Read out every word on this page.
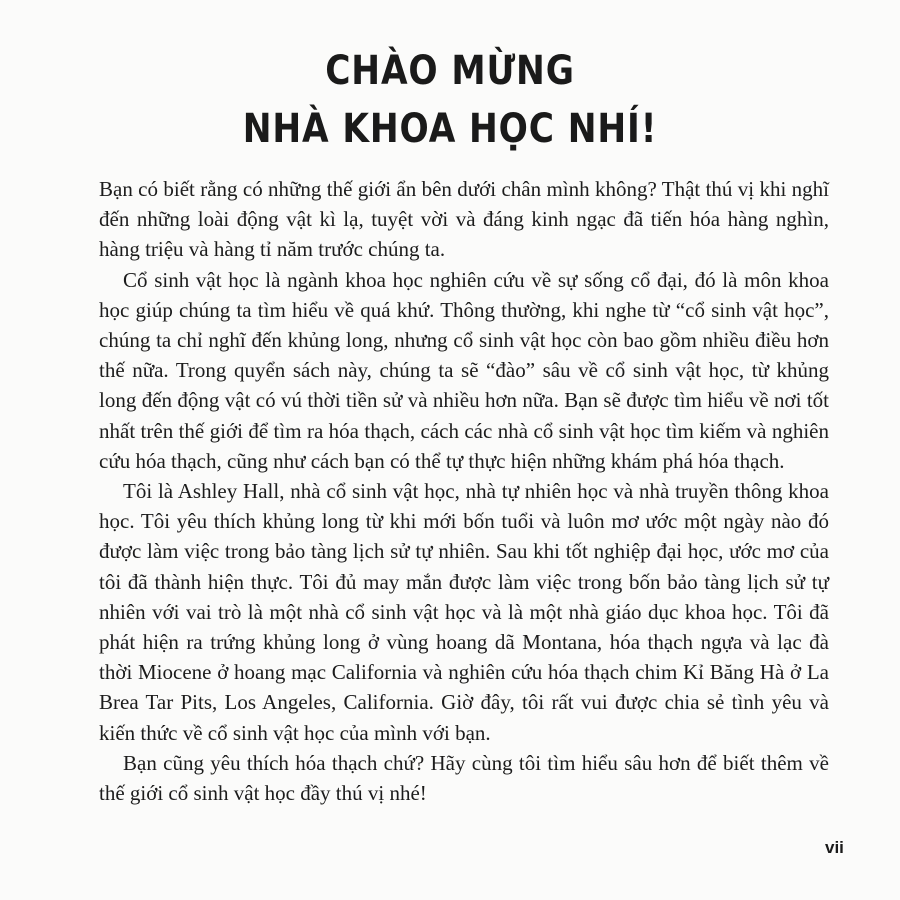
CHÀO MỪNG
NHÀ KHOA HỌC NHÍ!

Bạn có biết rằng có những thế giới ẩn bên dưới chân mình không? Thật thú vị khi nghĩ đến những loài động vật kì lạ, tuyệt vời và đáng kinh ngạc đã tiến hóa hàng nghìn, hàng triệu và hàng tỉ năm trước chúng ta.

Cổ sinh vật học là ngành khoa học nghiên cứu về sự sống cổ đại, đó là môn khoa học giúp chúng ta tìm hiểu về quá khứ. Thông thường, khi nghe từ “cổ sinh vật học”, chúng ta chỉ nghĩ đến khủng long, nhưng cổ sinh vật học còn bao gồm nhiều điều hơn thế nữa. Trong quyển sách này, chúng ta sẽ “đào” sâu về cổ sinh vật học, từ khủng long đến động vật có vú thời tiền sử và nhiều hơn nữa. Bạn sẽ được tìm hiểu về nơi tốt nhất trên thế giới để tìm ra hóa thạch, cách các nhà cổ sinh vật học tìm kiếm và nghiên cứu hóa thạch, cũng như cách bạn có thể tự thực hiện những khám phá hóa thạch.

Tôi là Ashley Hall, nhà cổ sinh vật học, nhà tự nhiên học và nhà truyền thông khoa học. Tôi yêu thích khủng long từ khi mới bốn tuổi và luôn mơ ước một ngày nào đó được làm việc trong bảo tàng lịch sử tự nhiên. Sau khi tốt nghiệp đại học, ước mơ của tôi đã thành hiện thực. Tôi đủ may mắn được làm việc trong bốn bảo tàng lịch sử tự nhiên với vai trò là một nhà cổ sinh vật học và là một nhà giáo dục khoa học. Tôi đã phát hiện ra trứng khủng long ở vùng hoang dã Montana, hóa thạch ngựa và lạc đà thời Miocene ở hoang mạc California và nghiên cứu hóa thạch chim Kỉ Băng Hà ở La Brea Tar Pits, Los Angeles, California. Giờ đây, tôi rất vui được chia sẻ tình yêu và kiến thức về cổ sinh vật học của mình với bạn.

Bạn cũng yêu thích hóa thạch chứ? Hãy cùng tôi tìm hiểu sâu hơn để biết thêm về thế giới cổ sinh vật học đầy thú vị nhé!

vii
